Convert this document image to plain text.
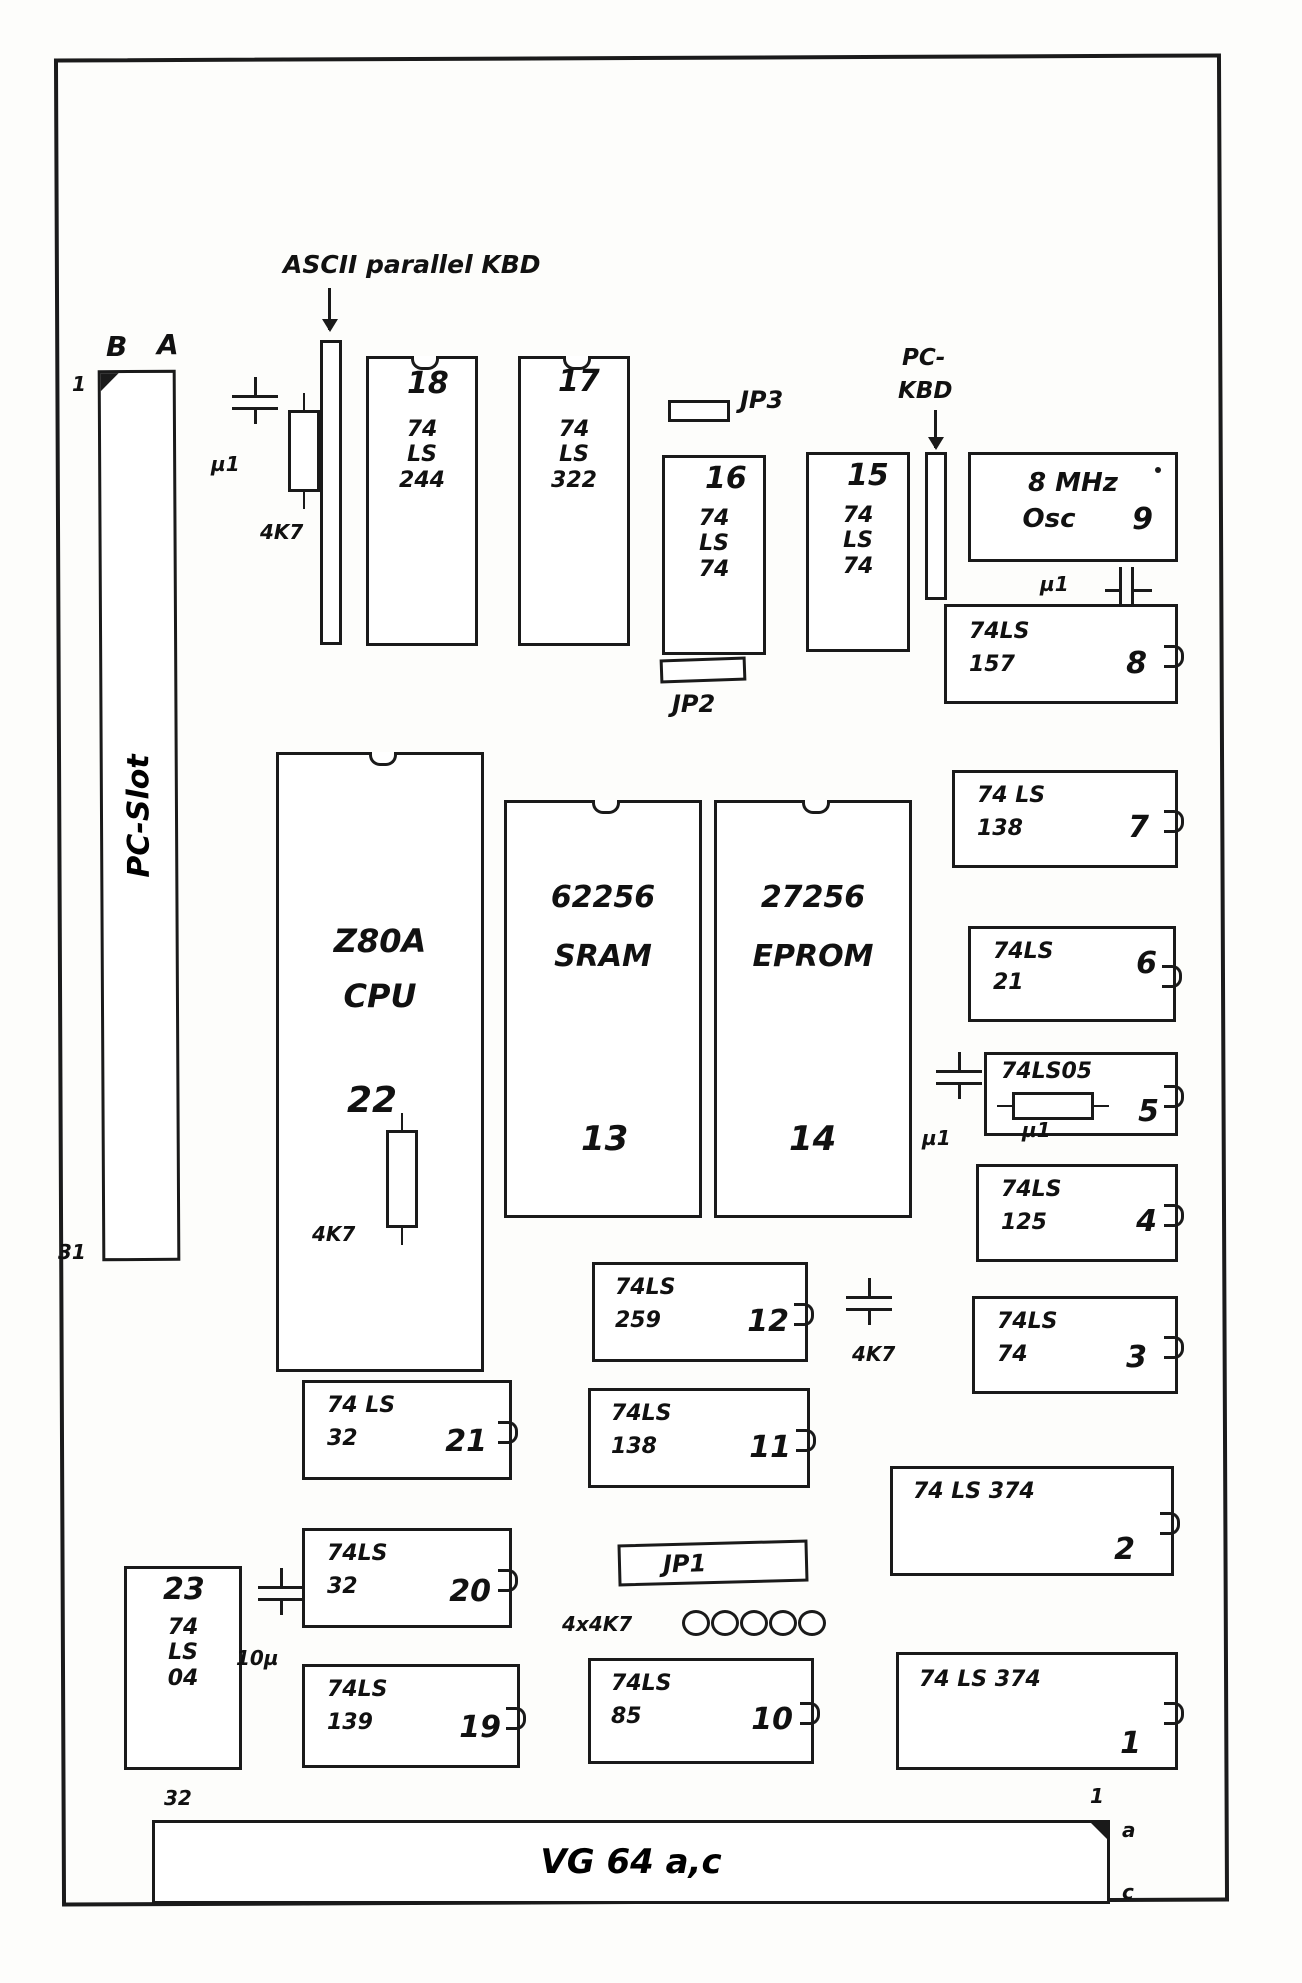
PC-Slot
B A
1
31
ASCII parallel KBD
4K7
µ1
18
74
LS
244
17
74
LS
322
JP3
16
74
LS
74
JP2
15
74
LS
74
PC-
KBD
9
8 MHz
Osc
µ1
8
74LS
157
7
74 LS
138
6
74LS
21
5
74LS05
µ1
µ1
4
74LS
125
3
74LS
74
2
74 LS 374
1
74 LS 374
Z80A
CPU
22
4K7
62256
SRAM
13
27256
EPROM
14
12
74LS
259
4K7
11
74LS
138
JP1
4x4K7
10
74LS
85
21
74 LS
32
20
74LS
32
19
74LS
139
23
74
LS
04
10µ
VG 64 a,c
32	1
a
c
